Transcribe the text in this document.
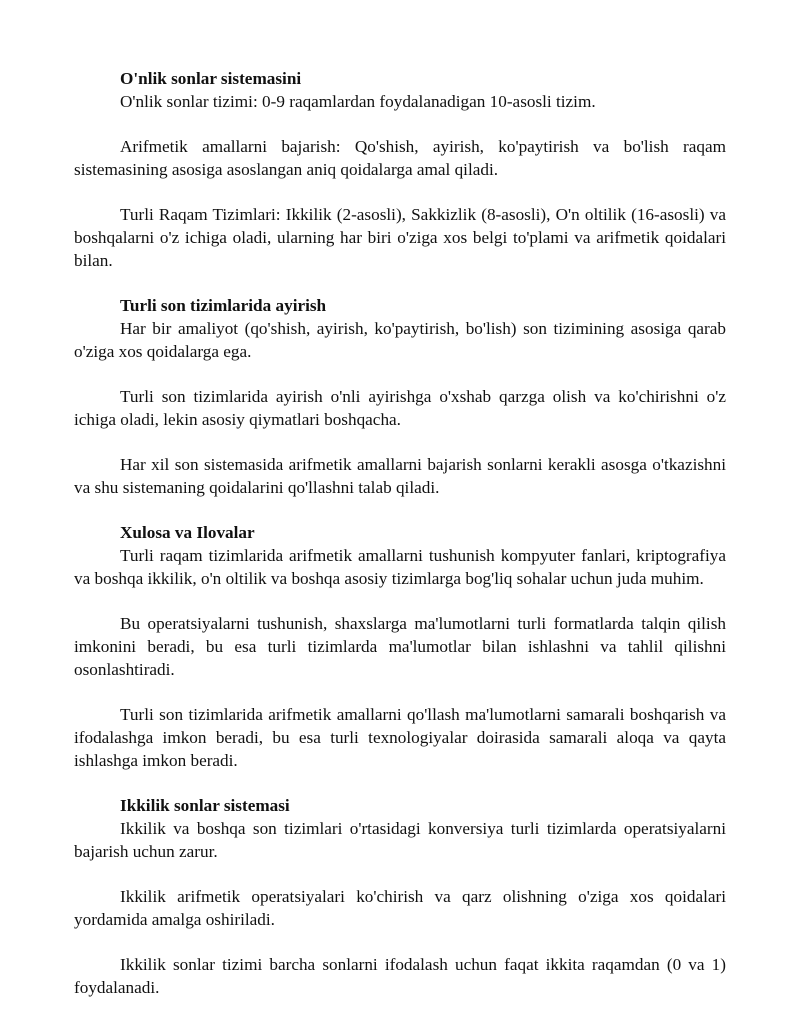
O'nlik sonlar sistemasini

O'nlik sonlar tizimi: 0-9 raqamlardan foydalanadigan 10-asosli tizim.

Arifmetik amallarni bajarish: Qo'shish, ayirish, ko'paytirish va bo'lish raqam sistemasining asosiga asoslangan aniq qoidalarga amal qiladi.

Turli Raqam Tizimlari: Ikkilik (2-asosli), Sakkizlik (8-asosli), O'n oltilik (16-asosli) va boshqalarni o'z ichiga oladi, ularning har biri o'ziga xos belgi to'plami va arifmetik qoidalari bilan.

Turli son tizimlarida ayirish

Har bir amaliyot (qo'shish, ayirish, ko'paytirish, bo'lish) son tizimining asosiga qarab o'ziga xos qoidalarga ega.

Turli son tizimlarida ayirish o'nli ayirishga o'xshab qarzga olish va ko'chirishni o'z ichiga oladi, lekin asosiy qiymatlari boshqacha.

Har xil son sistemasida arifmetik amallarni bajarish sonlarni kerakli asosga o'tkazishni va shu sistemaning qoidalarini qo'llashni talab qiladi.

Xulosa va Ilovalar

Turli raqam tizimlarida arifmetik amallarni tushunish kompyuter fanlari, kriptografiya va boshqa ikkilik, o'n oltilik va boshqa asosiy tizimlarga bog'liq sohalar uchun juda muhim.

Bu operatsiyalarni tushunish, shaxslarga ma'lumotlarni turli formatlarda talqin qilish imkonini beradi, bu esa turli tizimlarda ma'lumotlar bilan ishlashni va tahlil qilishni osonlashtiradi.

Turli son tizimlarida arifmetik amallarni qo'llash ma'lumotlarni samarali boshqarish va ifodalashga imkon beradi, bu esa turli texnologiyalar doirasida samarali aloqa va qayta ishlashga imkon beradi.

Ikkilik sonlar sistemasi

Ikkilik va boshqa son tizimlari o'rtasidagi konversiya turli tizimlarda operatsiyalarni bajarish uchun zarur.

Ikkilik arifmetik operatsiyalari ko'chirish va qarz olishning o'ziga xos qoidalari yordamida amalga oshiriladi.

Ikkilik sonlar tizimi barcha sonlarni ifodalash uchun faqat ikkita raqamdan (0 va 1) foydalanadi.
